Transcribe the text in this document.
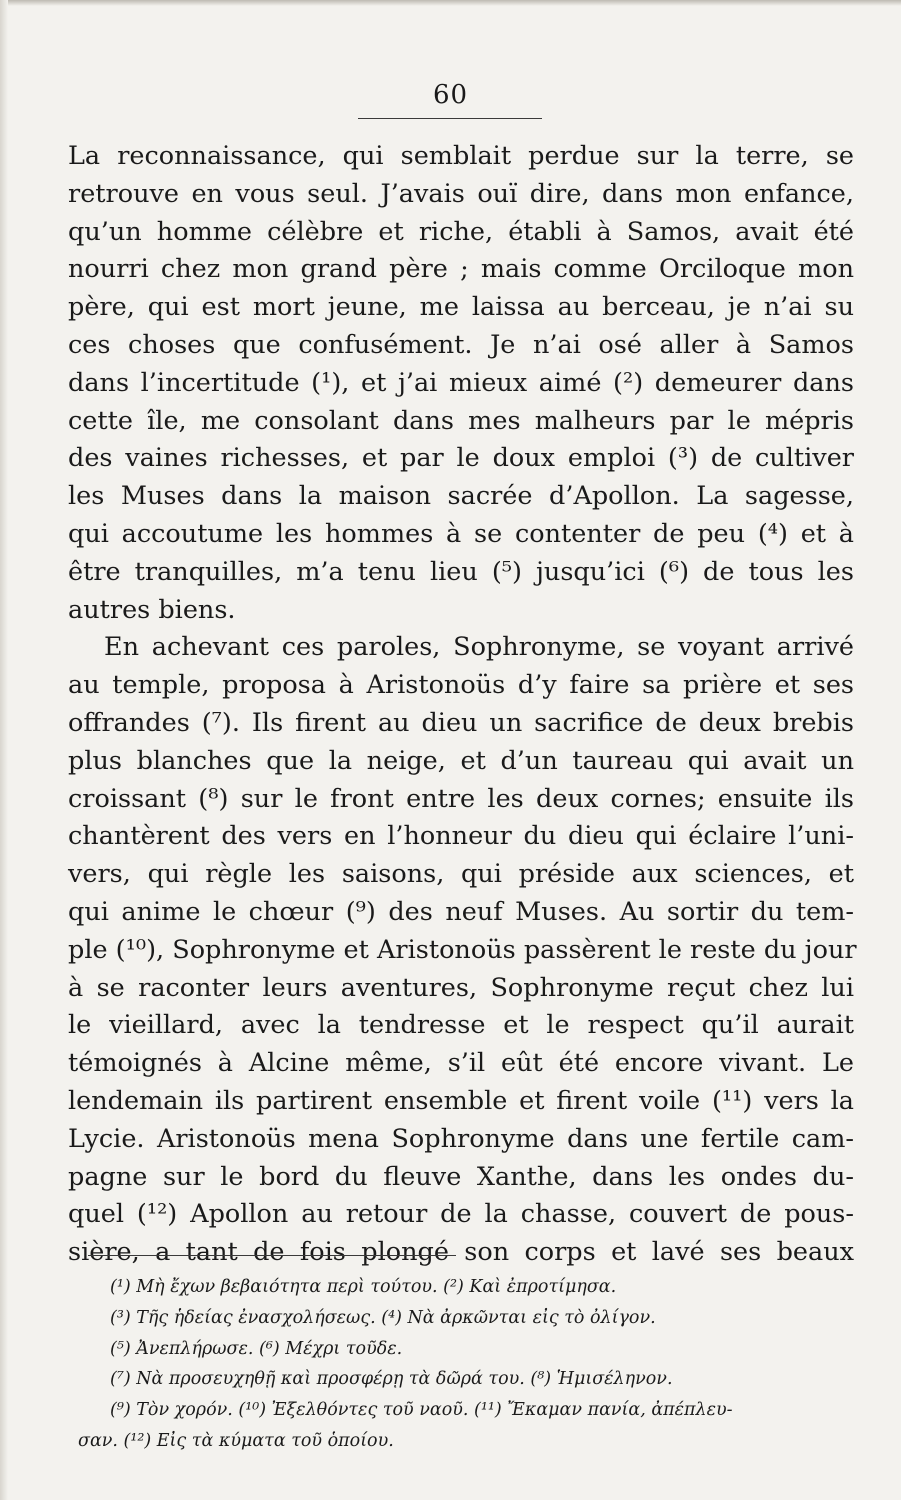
60
La reconnaissance, qui semblait perdue sur la terre, se
retrouve en vous seul. J’avais ouï dire, dans mon enfance,
qu’un homme célèbre et riche, établi à Samos, avait été
nourri chez mon grand père ; mais comme Orciloque mon
père, qui est mort jeune, me laissa au berceau, je n’ai su
ces choses que confusément. Je n’ai osé aller à Samos
dans l’incertitude (¹), et j’ai mieux aimé (²) demeurer dans
cette île, me consolant dans mes malheurs par le mépris
des vaines richesses, et par le doux emploi (³) de cultiver
les Muses dans la maison sacrée d’Apollon. La sagesse,
qui accoutume les hommes à se contenter de peu (⁴) et à
être tranquilles, m’a tenu lieu (⁵) jusqu’ici (⁶) de tous les
autres biens.
En achevant ces paroles, Sophronyme, se voyant arrivé
au temple, proposa à Aristonoüs d’y faire sa prière et ses
offrandes (⁷). Ils firent au dieu un sacrifice de deux brebis
plus blanches que la neige, et d’un taureau qui avait un
croissant (⁸) sur le front entre les deux cornes; ensuite ils
chantèrent des vers en l’honneur du dieu qui éclaire l’uni-
vers, qui règle les saisons, qui préside aux sciences, et
qui anime le chœur (⁹) des neuf Muses. Au sortir du tem-
ple (¹⁰), Sophronyme et Aristonoüs passèrent le reste du jour
à se raconter leurs aventures, Sophronyme reçut chez lui
le vieillard, avec la tendresse et le respect qu’il aurait
témoignés à Alcine même, s’il eût été encore vivant. Le
lendemain ils partirent ensemble et firent voile (¹¹) vers la
Lycie. Aristonoüs mena Sophronyme dans une fertile cam-
pagne sur le bord du fleuve Xanthe, dans les ondes du-
quel (¹²) Apollon au retour de la chasse, couvert de pous-
sière, a tant de fois plongé son corps et lavé ses beaux
(¹) Μὴ ἔχων βεβαιότητα περὶ τούτου. (²) Καὶ ἐπροτίμησα.
(³) Τῆς ἡδείας ἐνασχολήσεως. (⁴) Νὰ ἀρκῶνται εἰς τὸ ὀλίγον.
(⁵) Ἀνεπλήρωσε. (⁶) Μέχρι τοῦδε.
(⁷) Νὰ προσευχηθῇ καὶ προσφέρῃ τὰ δῶρά του. (⁸) Ἡμισέληνον.
(⁹) Τὸν χορόν. (¹⁰) Ἐξελθόντες τοῦ ναοῦ. (¹¹) Ἔκαμαν πανία, ἀπέπλευ-
σαν. (¹²) Εἰς τὰ κύματα τοῦ ὁποίου.
